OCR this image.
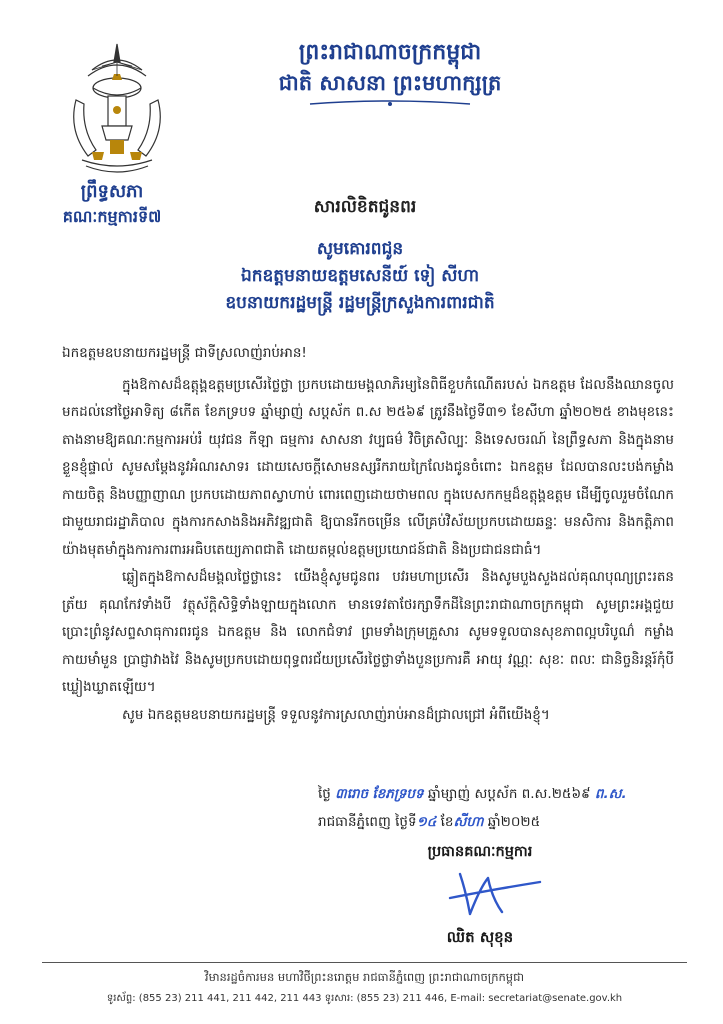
ព្រះរាជាណាចក្រកម្ពុជា
ជាតិ សាសនា ព្រះមហាក្សត្រ
ព្រឹទ្ធសភា
គណៈកម្មការទី៧	សារលិខិតជូនពរ
សូមគោរពជូន
ឯកឧត្តមនាយឧត្តមសេនីយ៍ ទៀ សីហា
ឧបនាយករដ្ឋមន្ត្រី រដ្ឋមន្ត្រីក្រសួងការពារជាតិ

ឯកឧត្តមឧបនាយករដ្ឋមន្ត្រី ជាទីស្រលាញ់រាប់អាន!

ក្នុងឱកាសដ៏ឧត្តុង្គឧត្តមប្រសើរថ្លៃថ្លា ប្រកបដោយមង្គលាភិរម្យនៃពិធីខួបកំណើតរបស់ ឯកឧត្តម ដែលនឹងឈានចូលមកដល់នៅថ្ងៃអាទិត្យ ៨កើត ខែភទ្របទ ឆ្នាំម្សាញ់ សប្តស័ក ព.ស ២៥៦៩ ត្រូវនឹងថ្ងៃទី៣១ ខែសីហា ឆ្នាំ២០២៥ ខាងមុខនេះ តាងនាមឱ្យគណៈកម្មការអប់រំ យុវជន កីឡា ធម្មការ សាសនា វប្បធម៌ វិចិត្រសិល្បៈ និងទេសចរណ៍ នៃព្រឹទ្ធសភា និងក្នុងនាមខ្លួនខ្ញុំផ្ទាល់ សូមសម្តែងនូវអំណរសាទរ ដោយសេចក្តីសោមនស្សរីករាយក្រៃលែងជូនចំពោះ ឯកឧត្តម ដែលបានលះបង់កម្លាំងកាយចិត្ត និងបញ្ញាញាណ ប្រកបដោយភាពស្វាហាប់ ពោរពេញដោយថាមពល ក្នុងបេសកកម្មដ៏ឧត្តុង្គឧត្តម ដើម្បីចូលរួមចំណែកជាមួយរាជរដ្ឋាភិបាល ក្នុងការកសាងនិងអភិវឌ្ឍជាតិ ឱ្យបានរីកចម្រើន លើគ្រប់វិស័យប្រកបដោយឆន្ទៈ មនសិការ និងកត្តិភាពយ៉ាងមុតមាំក្នុងការការពារអធិបតេយ្យភាពជាតិ ដោយតម្កល់ឧត្តមប្រយោជន៍ជាតិ និងប្រជាជនជាធំ។

ឆ្លៀតក្នុងឱកាសដ៏មង្គលថ្លៃថ្លានេះ យើងខ្ញុំសូមជូនពរ បវរមហាប្រសើរ និងសូមបួងសួងដល់គុណបុណ្យព្រះរតនត្រ័យ គុណកែវទាំងបី វត្ថុស័ក្តិសិទ្ធិទាំងឡាយក្នុងលោក មានទេវតាថែរក្សាទឹកដីនៃព្រះរាជាណាចក្រកម្ពុជា សូមព្រះអង្គជួយប្រោះព្រំនូវសព្ទសាធុការពរជូន ឯកឧត្តម និង លោកជំទាវ ព្រមទាំងក្រុមគ្រួសារ សូមទទួលបានសុខភាពល្អបរិបូណ៌ កម្លាំងកាយមាំមួន ប្រាជ្ញាវាងវៃ និងសូមប្រកបដោយពុទ្ធពរជ័យប្រសើរថ្លៃថ្លាទាំងបួនប្រការគឺ អាយុ វណ្ណៈ សុខៈ ពលៈ ជានិច្ចនិរន្តរ៍កុំបីឃ្លៀងឃ្លាតឡើយ។

សូម ឯកឧត្តមឧបនាយករដ្ឋមន្ត្រី ទទួលនូវការស្រលាញ់រាប់អានដ៏ជ្រាលជ្រៅ អំពីយើងខ្ញុំ។

ថ្ងៃ ៣រោច ខែភទ្របទ ឆ្នាំម្សាញ់ សប្តស័ក ព.ស.២៥៦៩ ព.ស.
រាជធានីភ្នំពេញ ថ្ងៃទី១៤ ខែសីហា ឆ្នាំ២០២៥
ប្រធានគណៈកម្មការ
ឈិត សុខុន
វិមានរដ្ឋចំការមន មហាវិថីព្រះនរោត្តម រាជធានីភ្នំពេញ ព្រះរាជាណាចក្រកម្ពុជា
ទូរស័ព្ទ: (855 23) 211 441, 211 442, 211 443 ទូរសារ: (855 23) 211 446, E-mail: secretariat@senate.gov.kh
